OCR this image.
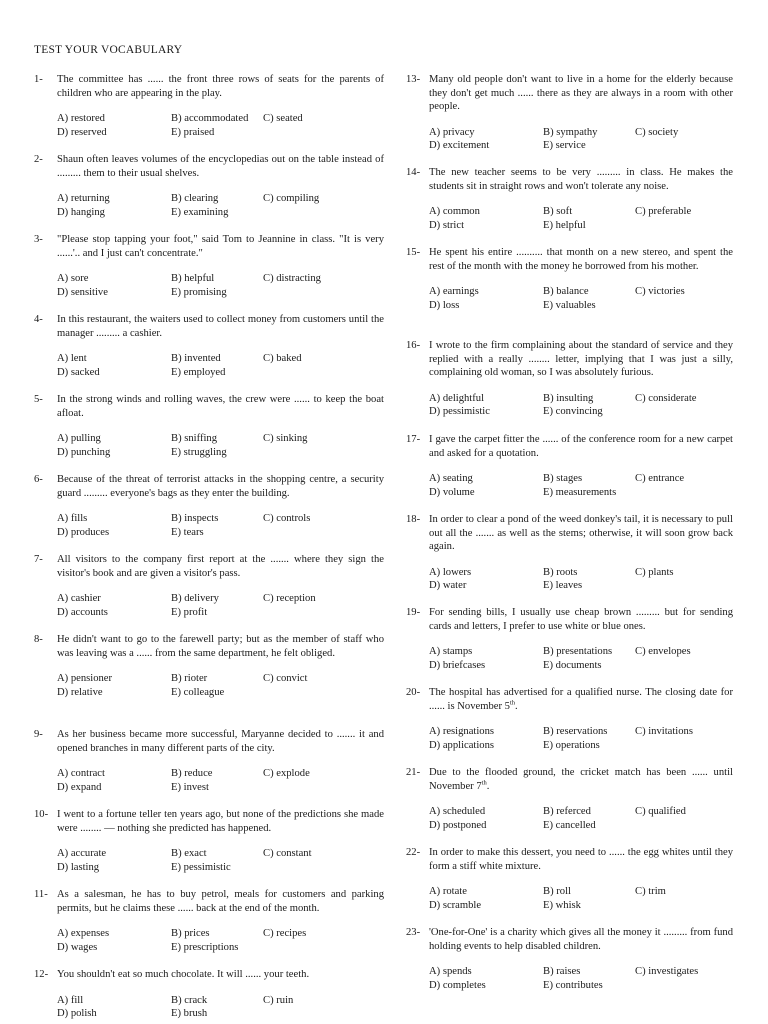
TEST YOUR VOCABULARY
1- The committee has ...... the front three rows of seats for the parents of children who are appearing in the play.
A) restored	B) accommodated	C) seated
D) reserved	E) praised
2- Shaun often leaves volumes of the encyclopedias out on the table instead of ......... them to their usual shelves.
A) returning	B) clearing	C) compiling
D) hanging	E) examining
3- "Please stop tapping your foot," said Tom to Jeannine in class. "It is very ......'.. and I just can't concentrate."
A) sore	B) helpful	C) distracting
D) sensitive	E) promising
4- In this restaurant, the waiters used to collect money from customers until the manager ......... a cashier.
A) lent	B) invented	C) baked
D) sacked	E) employed
5- In the strong winds and rolling waves, the crew were ...... to keep the boat afloat.
A) pulling	B) sniffing	C) sinking
D) punching	E) struggling
6- Because of the threat of terrorist attacks in the shopping centre, a security guard ......... everyone's bags as they enter the building.
A) fills	B) inspects	C) controls
D) produces	E) tears
7- All visitors to the company first report at the ....... where they sign the visitor's book and are given a visitor's pass.
A) cashier	B) delivery	C) reception
D) accounts	E) profit
8- He didn't want to go to the farewell party; but as the member of staff who was leaving was a ...... from the same department, he felt obliged.
A) pensioner	B) rioter	C) convict
D) relative	E) colleague
9- As her business became more successful, Maryanne decided to ....... it and opened branches in many different parts of the city.
A) contract	B) reduce	C) explode
D) expand	E) invest
10- I went to a fortune teller ten years ago, but none of the predictions she made were ........ — nothing she predicted has happened.
A) accurate	B) exact	C) constant
D) lasting	E) pessimistic
11- As a salesman, he has to buy petrol, meals for customers and parking permits, but he claims these ...... back at the end of the month.
A) expenses	B) prices	C) recipes
D) wages	E) prescriptions
12- You shouldn't eat so much chocolate. It will ...... your teeth.
A) fill	B) crack	C) ruin
D) polish	E) brush
13- Many old people don't want to live in a home for the elderly because they don't get much ...... there as they are always in a room with other people.
A) privacy	B) sympathy	C) society
D) excitement	E) service
14- The new teacher seems to be very ......... in class. He makes the students sit in straight rows and won't tolerate any noise.
A) common	B) soft	C) preferable
D) strict	E) helpful
15- He spent his entire .......... that month on a new stereo, and spent the rest of the month with the money he borrowed from his mother.
A) earnings	B) balance	C) victories
D) loss	E) valuables
16- I wrote to the firm complaining about the standard of service and they replied with a really ........ letter, implying that I was just a silly, complaining old woman, so I was absolutely furious.
A) delightful	B) insulting	C) considerate
D) pessimistic	E) convincing
17- I gave the carpet fitter the ...... of the conference room for a new carpet and asked for a quotation.
A) seating	B) stages	C) entrance
D) volume	E) measurements
18- In order to clear a pond of the weed donkey's tail, it is necessary to pull out all the ....... as well as the stems; otherwise, it will soon grow back again.
A) lowers	B) roots	C) plants
D) water	E) leaves
19- For sending bills, I usually use cheap brown ......... but for sending cards and letters, I prefer to use white or blue ones.
A) stamps	B) presentations	C) envelopes
D) briefcases	E) documents
20- The hospital has advertised for a qualified nurse. The closing date for ...... is November 5th.
A) resignations	B) reservations	C) invitations
D) applications	E) operations
21- Due to the flooded ground, the cricket match has been ...... until November 7th.
A) scheduled	B) referced	C) qualified
D) postponed	E) cancelled
22- In order to make this dessert, you need to ...... the egg whites until they form a stiff white mixture.
A) rotate	B) roll	C) trim
D) scramble	E) whisk
23- 'One-for-One' is a charity which gives all the money it ......... from fund holding events to help disabled children.
A) spends	B) raises	C) investigates
D) completes	E) contributes
